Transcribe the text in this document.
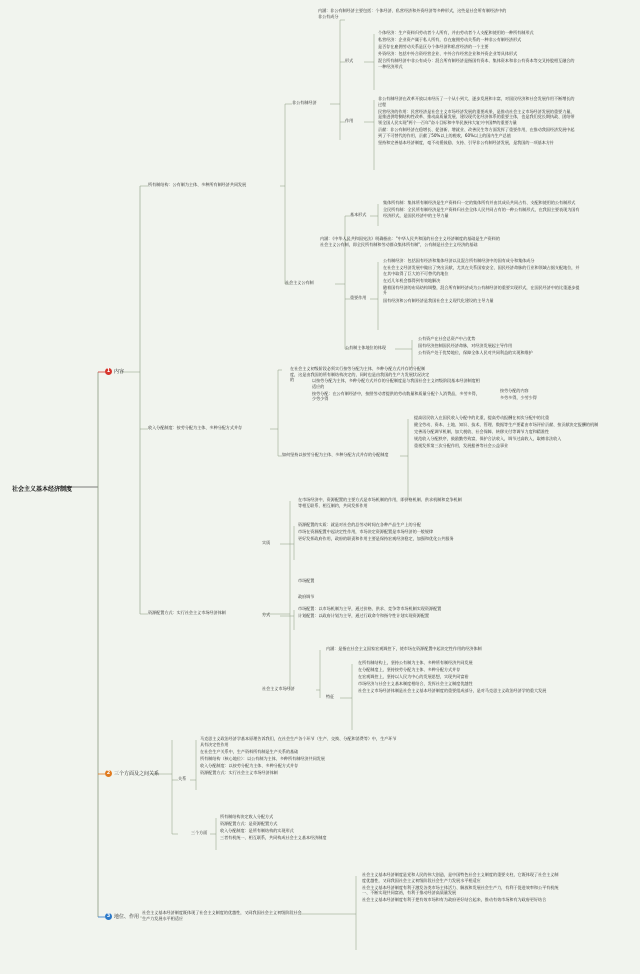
社会主义基本经济制度
1 内容
2 三个方面及之间关系
3 地位、作用
所有制结构：公有制为主体、多种所有制经济共同发展
非公有制经济
内涵：非公有制经济主要包括：个体经济、私营经济和外资经济等多种形式，这些是社会所有制经济中的非公有成分
形式
个体经济：生产资料归劳动者个人所有，并由劳动者个人支配和使用的一种所有制形式
私营经济：企业资产属于私人所有，存在雇佣劳动关系的一种非公有制经济形式
是否存在雇佣劳动关系是区分个体经济和私营经济的一个主要
外资经济：包括中外合资经营企业、中外合作经营企业和外资企业等具体形式
混合所有制经济中非公有成分：混合所有制经济是指国有资本、集体资本和非公有资本等交叉持股相互融合的一种经济形式
作用
非公有制经济在改革开放以来经历了一个从小到大、逐步发展和丰富，对国民经济和社会发展作用不断增长的过程
民营经济的作用：民营经济是社会主义市场经济发展的重要成果，是推动社会主义市场经济发展的重要力量，是推进供给侧结构性改革、推动高质量发展、建设现代化经济体系的重要主体，也是我们党长期执政、团结带领全国人民实现"两个一百年"奋斗目标和中华民族伟大复兴中国梦的重要力量
贡献：非公有制经济在稳增长、促创新、增就业、改善民生等方面发挥了重要作用，在推动我国经济发展中起到了不可替代的作用，贡献了50%以上的税收，60%以上的国内生产总值
坚持和完善基本经济制度，毫不动摇鼓励、支持、引导非公有制经济发展，是我国的一项基本方针
社会主义公有制
基本形式
集体所有制：集体所有制经济是生产资料归一定的集体所有并由其成员共同占有、支配和使用的公有制形式
全民所有制：全民所有制经济是生产资料归社会全体人民共同占有的一种公有制形式，在我国主要表现为国有经济形式，是国民经济中的主导力量
内涵：《中华人民共和国宪法》明确指出："中华人民共和国的社会主义经济制度的基础是生产资料的社会主义公有制，即全民所有制和劳动群众集体所有制"，公有制是社会主义经济的基础
重要作用
公有制经济：包括国有经济和集体经济以及混合所有制经济中的国有成分和集体成分
在社会主义经济发展中做出了突出贡献，尤其在关系国家安全、国民经济命脉的行业和领域占据支配地位，并在其中取得了巨大的不可替代的地位
在近几年机会都得到有效地解决
随着国有经济的布局结构调整，混合所有制经济成为公有制经济的重要实现形式，在国民经济中的比重逐步提升
国有经济和公有制经济是我国社会主义现代化建设的主导力量
公有制主体地位的体现
公有资产在社会总资产中占优势
国有经济控制国民经济命脉，对经济发展起主导作用
公有资产处于优势地位，保障全体人民对共同利益的实现和维护
收入分配制度：按劳分配为主体、多种分配方式并存
在社会主义初级阶段必须实行按劳分配为主体、多种分配方式并存的分配制度，这是由我国的所有制结构决定的，同时也是由我国的生产力发展状况决定的	以按劳分配为主体，多种分配方式并存的分配制度是与我国社会主义初级阶段基本经济制度相适应的
按劳分配：在公有制经济中，按照劳动者提供的劳动数量和质量分配个人消费品，多劳多得，少劳少得
按劳分配的内容
多劳多得，少劳少得
如何坚持以按劳分配为主体、多种分配方式并存的分配制度
提高居民收入在国民收入分配中的比重，提高劳动报酬在初次分配中的比重
健全劳动、资本、土地、知识、技术、管理、数据等生产要素由市场评价贡献、按贡献决定报酬的机制
完善再分配调节机制，加大税收、社会保障、转移支付等调节力度和精准性
规范收入分配秩序，鼓励勤劳致富，保护合法收入，调节过高收入，取缔非法收入
重视发挥第三次分配作用，发展慈善等社会公益事业
资源配置方式：实行社会主义市场经济体制
在市场经济中，资源配置的主要方式是市场机制的作用，即价格机制、供求机制和竞争机制等相互联系、相互制约，共同发挥作用
实质
资源配置的实质：就是对社会的总劳动时间在各种产品生产上的分配
市场在资源配置中起决定性作用，市场决定资源配置是市场经济的一般规律
更好发挥政府作用，政府的职责和作用主要是保持宏观经济稳定，加强和优化公共服务
市场配置
政府调节
方式
市场配置：以市场机制为主导，通过价格、供求、竞争等市场机制实现资源配置
计划配置：以政府计划为主导，通过行政命令和指令性计划实现资源配置
社会主义市场经济
内涵：是指在社会主义国家宏观调控下，使市场在资源配置中起决定性作用的经济体制
特征
在所有制结构上，坚持公有制为主体、多种所有制经济共同发展
在分配制度上，坚持按劳分配为主体、多种分配方式并存
在宏观调控上，坚持以人民为中心的发展思想，实现共同富裕
市场经济与社会主义基本制度相结合，发挥社会主义制度优越性
社会主义市场经济体制是社会主义基本经济制度的重要组成部分，是对马克思主义政治经济学的重大发展
关系
马克思主义政治经济学基本原理告诉我们，在社会生产各个环节（生产、交换、分配和消费等）中，生产环节具有决定性作用
在社会生产关系中，生产资料所有制是生产关系的基础
所有制结构（核心地位）：以公有制为主体、多种所有制经济共同发展
收入分配制度：以按劳分配为主体、多种分配方式并存
资源配置方式：实行社会主义市场经济体制
三个方面
所有制结构决定收入分配方式
资源配置方式：是资源配置方式
收入分配制度：是所有制结构的实现形式
三者有机统一、相互联系，共同构成社会主义基本经济制度
社会主义基本经济制度既体现了社会主义制度的优越性，又同我国社会主义初级阶段社会生产力发展水平相适应
社会主义基本经济制度是党和人民的伟大创造，是中国特色社会主义制度的重要支柱，它既体现了社会主义制度优越性，又同我国社会主义初级阶段社会生产力发展水平相适应
社会主义基本经济制度有利于激发各类市场主体活力、解放和发展社会生产力，有利于促进效率和公平有机统一、不断实现共同富裕，有利于推动经济高质量发展
社会主义基本经济制度有利于把有效市场和有为政府更好结合起来，推动有效市场和有为政府更好结合
